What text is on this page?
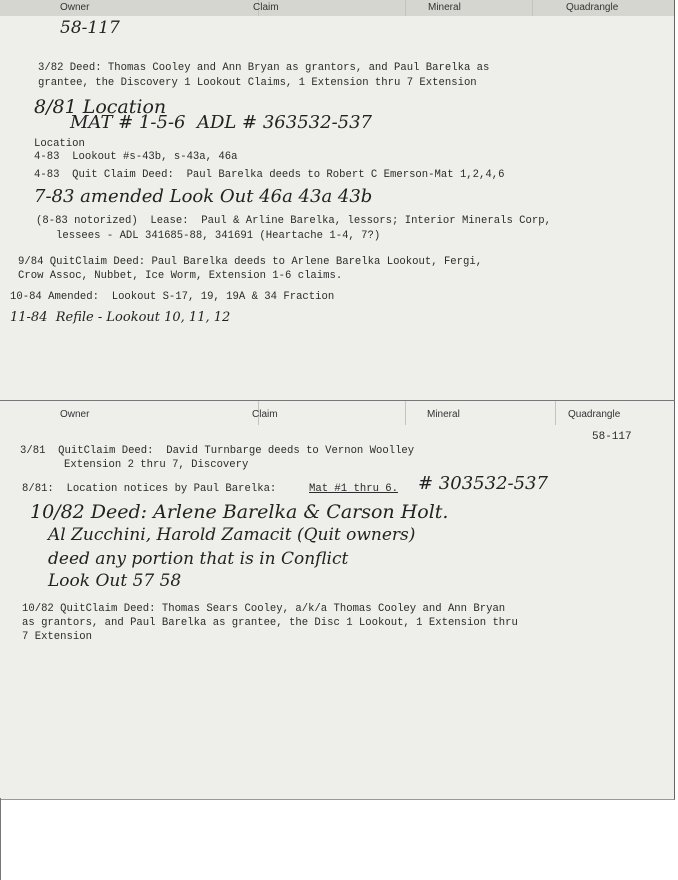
Owner	Claim	Mineral	Quadrangle
58-117
3/82 Deed: Thomas Cooley and Ann Bryan as grantors, and Paul Barelka as
grantee, the Discovery 1 Lookout Claims, 1 Extension thru 7 Extension
8/81 Location
MAT # 1-5-6  ADL # 363532-537
Location
4-83  Lookout #s-43b, s-43a, 46a
4-83  Quit Claim Deed:  Paul Barelka deeds to Robert C Emerson-Mat 1,2,4,6
7-83 amended Look Out 46a 43a 43b
(8-83 notorized)  Lease:  Paul & Arline Barelka, lessors; Interior Minerals Corp,
lessees - ADL 341685-88, 341691 (Heartache 1-4, 7?)
9/84 QuitClaim Deed: Paul Barelka deeds to Arlene Barelka Lookout, Fergi,
Crow Assoc, Nubbet, Ice Worm, Extension 1-6 claims.
10-84 Amended:  Lookout S-17, 19, 19A & 34 Fraction
11-84  Refile - Lookout 10, 11, 12
Owner	Claim	Mineral	Quadrangle
58-117
3/81  QuitClaim Deed:  David Turnbarge deeds to Vernon Woolley
Extension 2 thru 7, Discovery
8/81:  Location notices by Paul Barelka:	Mat #1 thru 6. # 303532-537
10/82 Deed: Arlene Barelka & Carson Holt.
Al Zucchini, Harold Zamacit (Quit owners)
deed any portion that is in Conflict
Look Out 57 58
10/82 QuitClaim Deed: Thomas Sears Cooley, a/k/a Thomas Cooley and Ann Bryan
as grantors, and Paul Barelka as grantee, the Disc 1 Lookout, 1 Extension thru
7 Extension
